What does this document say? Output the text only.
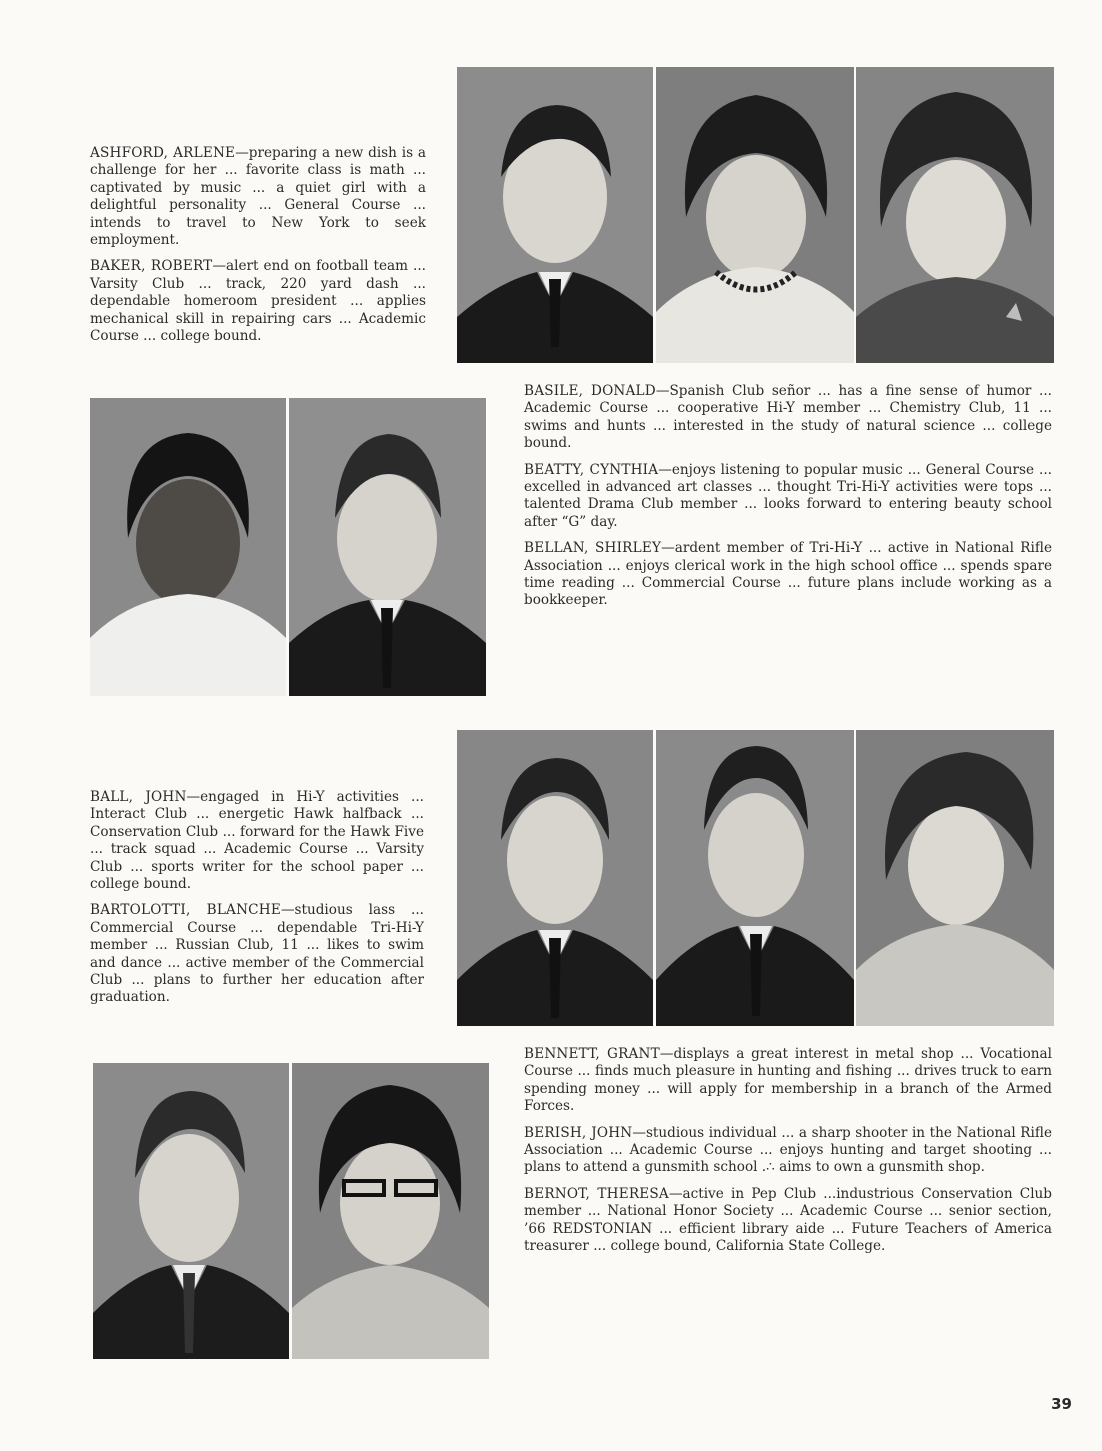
ASHFORD, ARLENE—preparing a new dish is a challenge for her ... favorite class is math ... captivated by music ... a quiet girl with a delightful personality ... General Course ... intends to travel to New York to seek employment.

BAKER, ROBERT—alert end on football team ... Varsity Club ... track, 220 yard dash ... dependable homeroom president ... applies mechanical skill in repairing cars ... Academic Course ... college bound.

BASILE, DONALD—Spanish Club señor ... has a fine sense of humor ... Academic Course ... cooperative Hi-Y member ... Chemistry Club, 11 ... swims and hunts ... interested in the study of natural science ... college bound.

BEATTY, CYNTHIA—enjoys listening to popular music ... General Course ... excelled in advanced art classes ... thought Tri-Hi-Y activities were tops ... talented Drama Club member ... looks forward to entering beauty school after “G” day.

BELLAN, SHIRLEY—ardent member of Tri-Hi-Y ... active in National Rifle Association ... enjoys clerical work in the high school office ... spends spare time reading ... Commercial Course ... future plans include working as a bookkeeper.

BALL, JOHN—engaged in Hi-Y activities ... Interact Club ... energetic Hawk halfback ... Conservation Club ... forward for the Hawk Five ... track squad ... Academic Course ... Varsity Club ... sports writer for the school paper ... college bound.

BARTOLOTTI, BLANCHE—studious lass ... Commercial Course ... dependable Tri-Hi-Y member ... Russian Club, 11 ... likes to swim and dance ... active member of the Commercial Club ... plans to further her education after graduation.

BENNETT, GRANT—displays a great interest in metal shop ... Vocational Course ... finds much pleasure in hunting and fishing ... drives truck to earn spending money ... will apply for membership in a branch of the Armed Forces.

BERISH, JOHN—studious individual ... a sharp shooter in the National Rifle Association ... Academic Course ... enjoys hunting and target shooting ... plans to attend a gunsmith school .∴ aims to own a gunsmith shop.

BERNOT, THERESA—active in Pep Club ...industrious Conservation Club member ... National Honor Society ... Academic Course ... senior section, ’66 REDSTONIAN ... efficient library aide ... Future Teachers of America treasurer ... college bound, California State College.

39
